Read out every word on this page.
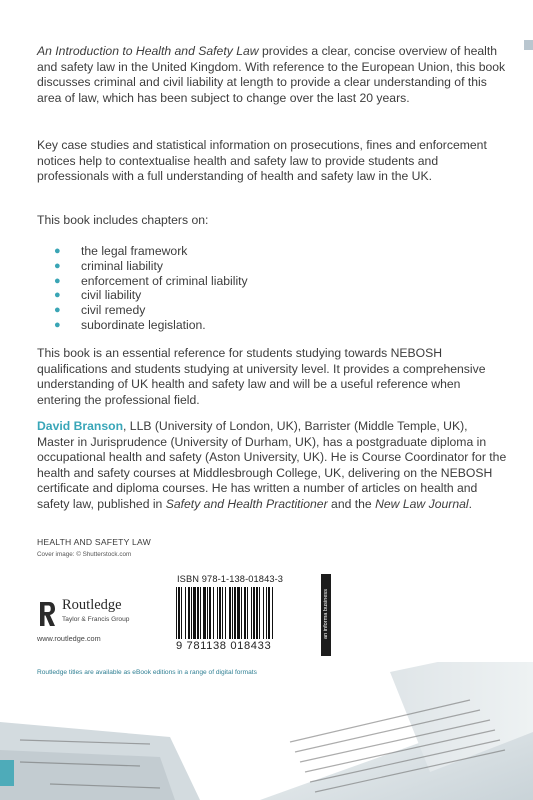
An Introduction to Health and Safety Law provides a clear, concise overview of health and safety law in the United Kingdom. With reference to the European Union, this book discusses criminal and civil liability at length to provide a clear understanding of this area of law, which has been subject to change over the last 20 years.

Key case studies and statistical information on prosecutions, fines and enforcement notices help to contextualise health and safety law to provide students and professionals with a full understanding of health and safety law in the UK.

This book includes chapters on:

● the legal framework
● criminal liability
● enforcement of criminal liability
● civil liability
● civil remedy
● subordinate legislation.

This book is an essential reference for students studying towards NEBOSH qualifications and students studying at university level. It provides a comprehensive understanding of UK health and safety law and will be a useful reference when entering the professional field.

David Branson, LLB (University of London, UK), Barrister (Middle Temple, UK), Master in Jurisprudence (University of Durham, UK), has a postgraduate diploma in occupational health and safety (Aston University, UK). He is Course Coordinator for the health and safety courses at Middlesbrough College, UK, delivering on the NEBOSH certificate and diploma courses. He has written a number of articles on health and safety law, published in Safety and Health Practitioner and the New Law Journal.

HEALTH AND SAFETY LAW
Cover image: © Shutterstock.com
Routledge
Taylor & Francis Group
www.routledge.com
ISBN 978-1-138-01843-3
9 781138 018433
an informa business
Routledge titles are available as eBook editions in a range of digital formats
